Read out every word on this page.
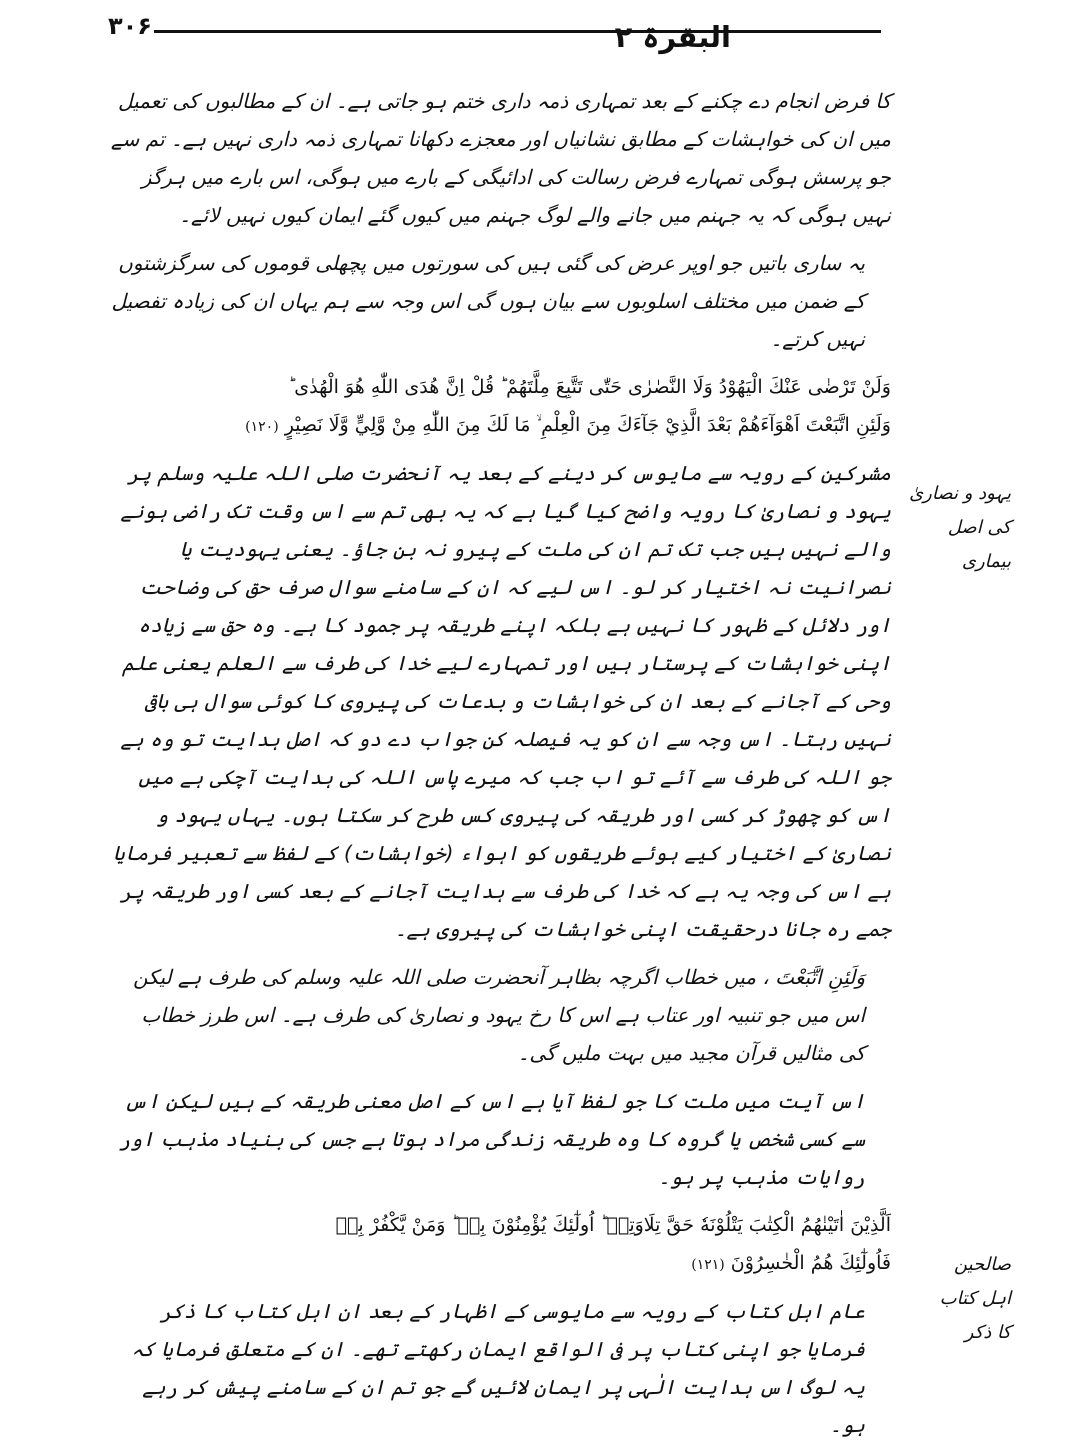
۳۰۶	البقرۃ ۲
یہود و نصاریٰ
کی اصل بیماری
صالحین
اہل کتاب
کا ذکر

کا فرض انجام دے چکنے کے بعد تمہاری ذمہ داری ختم ہو جاتی ہے۔ ان کے مطالبوں کی تعمیل میں ان کی خواہشات کے مطابق نشانیاں اور معجزے دکھانا تمہاری ذمہ داری نہیں ہے۔ تم سے جو پرسش ہوگی تمہارے فرض رسالت کی ادائیگی کے بارے میں ہوگی، اس بارے میں ہرگز نہیں ہوگی کہ یہ جہنم میں جانے والے لوگ جہنم میں کیوں گئے ایمان کیوں نہیں لائے۔

یہ ساری باتیں جو اوپر عرض کی گئی ہیں کی سورتوں میں پچھلی قوموں کی سرگزشتوں کے ضمن میں مختلف اسلوبوں سے بیان ہوں گی اس وجہ سے ہم یہاں ان کی زیادہ تفصیل نہیں کرتے۔

وَلَنْ تَرْضٰى عَنْكَ الْيَهُوْدُ وَلَا النَّصٰرٰى حَتّٰى تَتَّبِعَ مِلَّتَهُمْ ؕ قُلْ اِنَّ هُدَى اللّٰهِ هُوَ الْهُدٰى ؕ
وَلَئِنِ اتَّبَعْتَ اَهْوَآءَهُمْ بَعْدَ الَّذِيْ جَآءَكَ مِنَ الْعِلْمِ ۙ مَا لَكَ مِنَ اللّٰهِ مِنْ وَّلِيٍّ وَّلَا نَصِيْرٍ (۱۲۰)

مشرکین کے رویہ سے مایوس کر دینے کے بعد یہ آنحضرت صلی اللہ علیہ وسلم پر یہود و نصاریٰ کا رویہ واضح کیا گیا ہے کہ یہ بھی تم سے اس وقت تک راضی ہونے والے نہیں ہیں جب تک تم ان کی ملت کے پیرو نہ بن جاؤ۔ یعنی یہودیت یا نصرانیت نہ اختیار کر لو۔ اس لیے کہ ان کے سامنے سوال صرف حق کی وضاحت اور دلائل کے ظہور کا نہیں ہے بلکہ اپنے طریقہ پر جمود کا ہے۔ وہ حق سے زیادہ اپنی خواہشات کے پرستار ہیں اور تمہارے لیے خدا کی طرف سے العلم یعنی علم وحی کے آجانے کے بعد ان کی خواہشات و بدعات کی پیروی کا کوئی سوال ہی باقی نہیں رہتا۔ اس وجہ سے ان کو یہ فیصلہ کن جواب دے دو کہ اصل ہدایت تو وہ ہے جو اللہ کی طرف سے آئے تو اب جب کہ میرے پاس اللہ کی ہدایت آچکی ہے میں اس کو چھوڑ کر کسی اور طریقہ کی پیروی کس طرح کر سکتا ہوں۔ یہاں یہود و نصاریٰ کے اختیار کیے ہوئے طریقوں کو اہواء (خواہشات) کے لفظ سے تعبیر فرمایا ہے اس کی وجہ یہ ہے کہ خدا کی طرف سے ہدایت آجانے کے بعد کسی اور طریقہ پر جمے رہ جانا درحقیقت اپنی خواہشات کی پیروی ہے۔

وَلَئِنِ اتَّبَعْتَ ، میں خطاب اگرچہ بظاہر آنحضرت صلی اللہ علیہ وسلم کی طرف ہے لیکن اس میں جو تنبیہ اور عتاب ہے اس کا رخ یہود و نصاریٰ کی طرف ہے۔ اس طرز خطاب کی مثالیں قرآن مجید میں بہت ملیں گی۔

اس آیت میں ملت کا جو لفظ آیا ہے اس کے اصل معنی طریقہ کے ہیں لیکن اس سے کسی شخص یا گروہ کا وہ طریقہ زندگی مراد ہوتا ہے جس کی بنیاد مذہب اور روایات مذہب پر ہو۔

اَلَّذِيْنَ اٰتَيْنٰهُمُ الْكِتٰبَ يَتْلُوْنَهٗ حَقَّ تِلَاوَتِهٖ ؕ اُولٰٓئِكَ يُؤْمِنُوْنَ بِهٖ ؕ وَمَنْ يَّكْفُرْ بِهٖ
فَاُولٰٓئِكَ هُمُ الْخٰسِرُوْنَ (۱۲۱)

عام اہل کتاب کے رویہ سے مایوسی کے اظہار کے بعد ان اہل کتاب کا ذکر فرمایا جو اپنی کتاب پر فی الواقع ایمان رکھتے تھے۔ ان کے متعلق فرمایا کہ یہ لوگ اس ہدایت الٰہی پر ایمان لائیں گے جو تم ان کے سامنے پیش کر رہے ہو۔
